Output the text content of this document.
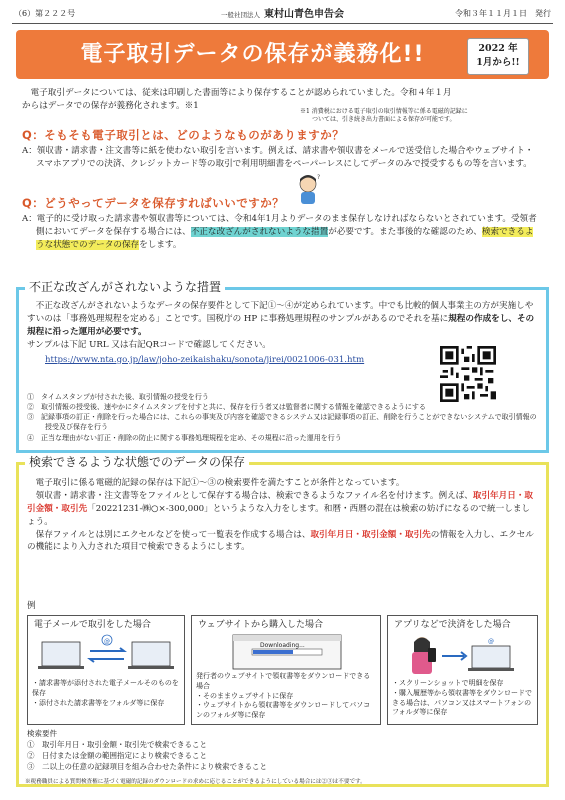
（6）第２２２号	一般社団法人 東村山青色申告会	令和３年１１月１日　発行
電子取引データの保存が義務化!!	2022 年
1月から!!
電子取引データについては、従来は印刷した書面等により保存することが認められていました。令和４年１月
からはデータでの保存が義務化されます。※1
※1 消費税における電子取引の取引情報等に係る電磁的記録に
ついては、引き続き出力書面による保存が可能です。
Q：そもそも電子取引とは、どのようなものがありますか？
A：領収書・請求書・注文書等に紙を使わない取引を言います。例えば、請求書や領収書をメールで送受信した場合やウェブサイト・スマホアプリでの決済、クレジットカード等の取引で利用明細書をペーパーレスにしてデータのみで授受するもの等を言います。
?
Q：どうやってデータを保存すればいいですか？
A：電子的に受け取った請求書や領収書等については、令和4年1月よりデータのまま保存しなければならないとされています。受領者側においてデータを保存する場合には、不正な改ざんがされないような措置が必要です。また事後的な確認のため、検索できるような状態でのデータの保存をします。
不正な改ざんがされないような措置
不正な改ざんがされないようなデータの保存要件として下記①～④が定められています。中でも比較的個人事業主の方が実施しやすいのは「事務処理規程を定める」ことです。国税庁の HP に事務処理規程のサンプルがあるのでそれを基に規程の作成をし、その規程に沿った運用が必要です。
サンプルは下記 URL 又は右記QRコードで確認してください。
https://www.nta.go.jp/law/joho-zeikaishaku/sonota/jirei/0021006-031.htm
①　タイムスタンプが付された後、取引情報の授受を行う
②　取引情報の授受後、速やかにタイムスタンプを付すと共に、保存を行う者又は監督者に関する情報を確認できるようにする
③　記録事項の訂正・削除を行った場合には、これらの事実及び内容を確認できるシステム又は記録事項の訂正、削除を行うことができないシステムで取引情報の授受及び保存を行う
④　正当な理由がない訂正・削除の防止に関する事務処理規程を定め、その規程に沿った運用を行う
検索できるような状態でのデータの保存
電子取引に係る電磁的記録の保存は下記①～③の検索要件を満たすことが条件となっています。
領収書・請求書・注文書等をファイルとして保存する場合は、検索できるようなファイル名を付けます。例えば、取引年月日・取引金額・取引先「20221231-㈱○×-300,000」というような入力をします。和暦・西暦の混在は検索の妨げになるので統一しましょう。
保存ファイルとは別にエクセルなどを使って一覧表を作成する場合は、取引年月日・取引金額・取引先の情報を入力し、エクセルの機能により入力された項目で検索できるようにします。
例
電子メールで取引をした場合
@
・請求書等が添付された電子メールそのものを保存
・添付された請求書等をフォルダ等に保存
ウェブサイトから購入した場合
Downloading...
発行者のウェブサイトで領収書等をダウンロードできる場合
・そのままウェブサイトに保存
・ウェブサイトから領収書等をダウンロードしてパソコンのフォルダ等に保存
アプリなどで決済をした場合
@
・スクリーンショットで明細を保存
・購入履歴等から領収書等をダウンロードできる場合は、パソコン又はスマートフォンのフォルダ等に保存
検索要件
①　取引年月日・取引金額・取引先で検索できること
②　日付または金額の範囲指定により検索できること
③　二以上の任意の記録項目を組み合わせた条件により検索できること
※税務職員による質問検査権に基づく電磁的記録のダウンロードの求めに応じることができるようにしている場合には②③は不要です。
